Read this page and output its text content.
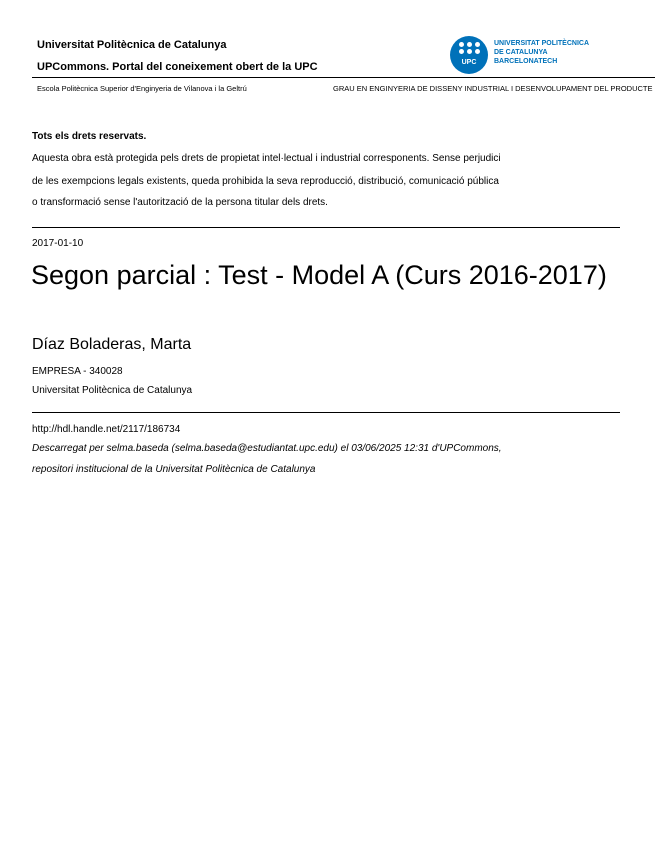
Universitat Politècnica de Catalunya
UPCommons. Portal del coneixement obert de la UPC	UPC
UNIVERSITAT POLITÈCNICA
DE CATALUNYA
BARCELONATECH
Escola Politècnica Superior d'Enginyeria de Vilanova i la Geltrú	GRAU EN ENGINYERIA DE DISSENY INDUSTRIAL I DESENVOLUPAMENT DEL PRODUCTE
Tots els drets reservats.
Aquesta obra està protegida pels drets de propietat intel·lectual i industrial corresponents. Sense perjudici
de les exempcions legals existents, queda prohibida la seva reproducció, distribució, comunicació pública
o transformació sense l'autorització de la persona titular dels drets.
2017-01-10
Segon parcial : Test - Model A (Curs 2016-2017)
Díaz Boladeras, Marta
EMPRESA - 340028
Universitat Politècnica de Catalunya
http://hdl.handle.net/2117/186734
Descarregat per selma.baseda (selma.baseda@estudiantat.upc.edu) el 03/06/2025 12:31 d'UPCommons,
repositori institucional de la Universitat Politècnica de Catalunya
